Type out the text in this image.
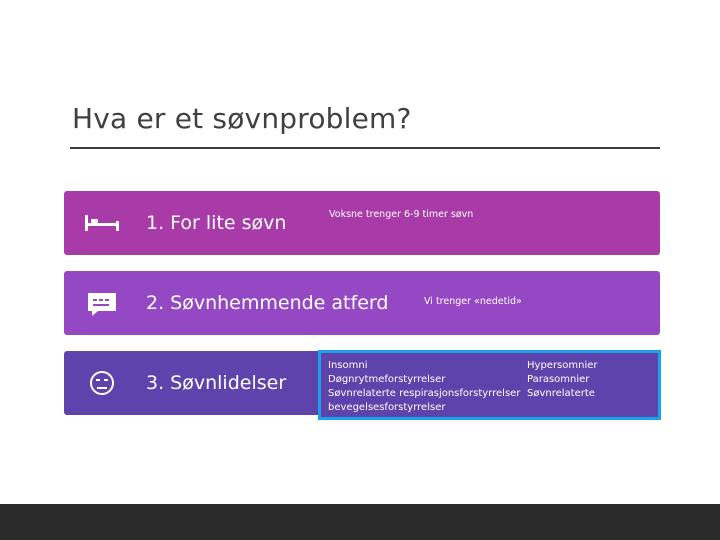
Hva er et søvnproblem?
1. For lite søvn	Voksne trenger 6-9 timer søvn
2. Søvnhemmende atferd	Vi trenger «nedetid»
3. Søvnlidelser
Insomni
Døgnrytmeforstyrrelser
Søvnrelaterte respirasjonsforstyrrelser
bevegelsesforstyrrelser
Hypersomnier
Parasomnier
Søvnrelaterte
